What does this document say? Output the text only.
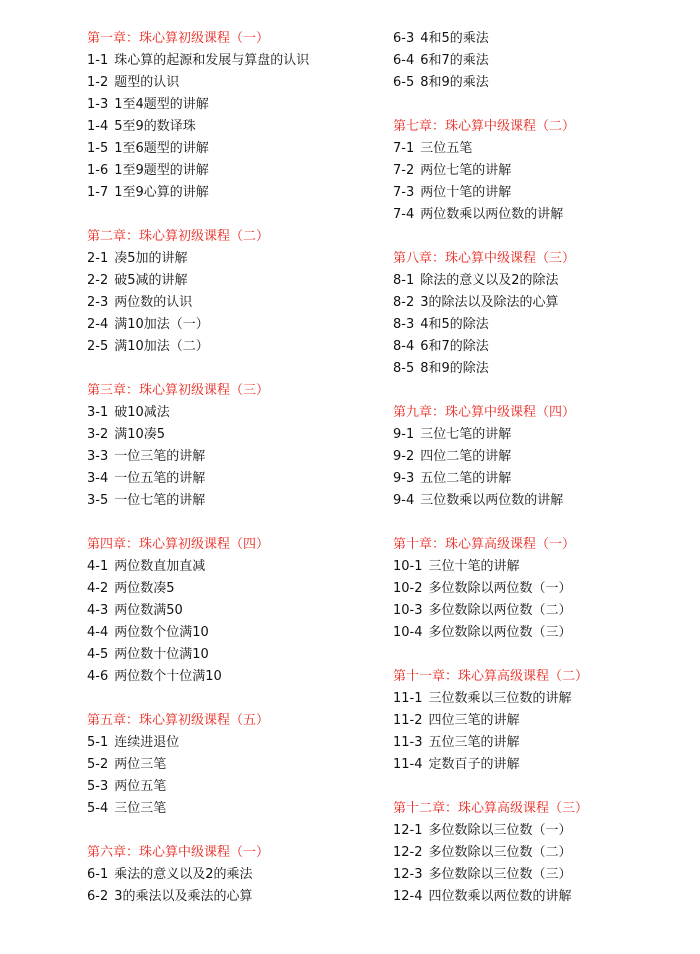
第一章：珠心算初级课程（一）
1-1 珠心算的起源和发展与算盘的认识
1-2 题型的认识
1-3 1至4题型的讲解
1-4 5至9的数译珠
1-5 1至6题型的讲解
1-6 1至9题型的讲解
1-7 1至9心算的讲解
第二章：珠心算初级课程（二）
2-1 凑5加的讲解
2-2 破5减的讲解
2-3 两位数的认识
2-4 满10加法（一）
2-5 满10加法（二）
第三章：珠心算初级课程（三）
3-1 破10减法
3-2 满10凑5
3-3 一位三笔的讲解
3-4 一位五笔的讲解
3-5 一位七笔的讲解
第四章：珠心算初级课程（四）
4-1 两位数直加直减
4-2 两位数凑5
4-3 两位数满50
4-4 两位数个位满10
4-5 两位数十位满10
4-6 两位数个十位满10
第五章：珠心算初级课程（五）
5-1 连续进退位
5-2 两位三笔
5-3 两位五笔
5-4 三位三笔
第六章：珠心算中级课程（一）
6-1 乘法的意义以及2的乘法
6-2 3的乘法以及乘法的心算
6-3 4和5的乘法
6-4 6和7的乘法
6-5 8和9的乘法
第七章：珠心算中级课程（二）
7-1 三位五笔
7-2 两位七笔的讲解
7-3 两位十笔的讲解
7-4 两位数乘以两位数的讲解
第八章：珠心算中级课程（三）
8-1 除法的意义以及2的除法
8-2 3的除法以及除法的心算
8-3 4和5的除法
8-4 6和7的除法
8-5 8和9的除法
第九章：珠心算中级课程（四）
9-1 三位七笔的讲解
9-2 四位二笔的讲解
9-3 五位二笔的讲解
9-4 三位数乘以两位数的讲解
第十章：珠心算高级课程（一）
10-1 三位十笔的讲解
10-2 多位数除以两位数（一）
10-3 多位数除以两位数（二）
10-4 多位数除以两位数（三）
第十一章：珠心算高级课程（二）
11-1 三位数乘以三位数的讲解
11-2 四位三笔的讲解
11-3 五位三笔的讲解
11-4 定数百子的讲解
第十二章：珠心算高级课程（三）
12-1 多位数除以三位数（一）
12-2 多位数除以三位数（二）
12-3 多位数除以三位数（三）
12-4 四位数乘以两位数的讲解
